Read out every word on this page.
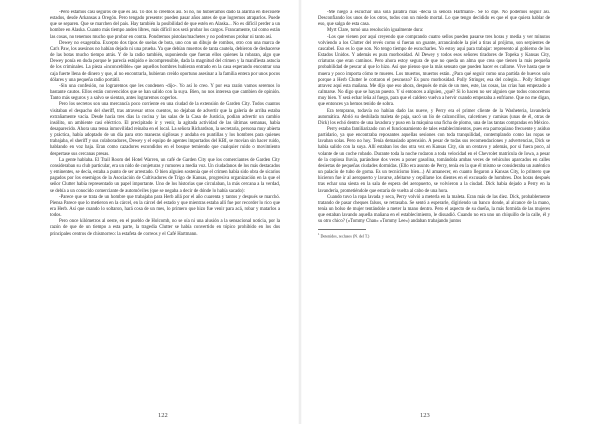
-Pero estamos casi seguros de que es así. To dos lo creemos así. Si no, no hubiéramos dado la alarma en diecisiete estados, desde Arkansas a Oregón. Pero tengado presente: pueden pasar años antes de que logremos atraparlos. Puede que se separen. Que se marchen del país. Hay también la posibilidad de que estén en Alaska... No es difícil perder a un hombre en Alaska. Cuanto más tiempo anden libres, más difícil nos será probar los cargos. Francamente, tal como están las cosas, no tenemos mucho que probar en contra. Pondremos pistolas/machetes y no podremos probar ni tanto así.

Dewey no exageraba. Excepto dos tipos de suelas de bota, uno con un dibujo de rombos, otro con una marca de Cat's Paw, los asesinos no habían dejado ni una prueba. Ya que debían muertos de tanta cautela, debieron de deshacerse de las botas mucho tiempo atrás. Y de la radio también, suponiendo que fueran ellos quienes la robaran, algo que Dewey ponía en duda porque le parecía estúpido e incomprensible, dada la magnitud del crimen y la manifiesta astucia de los criminales. La pieza «inconcebible» que aquellos hombres hubieran entrado en la casa esperando encontrar una caja fuerte llena de dinero y que, al no encontrarla, hubieran creído oportuno asesinar a la familia entera por unos pocos dólares y una pequeña radio portátil.

-Sin una confesión, no lograremos que les condenen -dijo-. Yo así lo creo. Y por esa razón vamos seremos lo bastante cautos. Ellos están convencidos que se han salido con la suya. Bien, no nos interesa que cambien de opinión. Tanto más seguros y a salvo se sientan, antes lograremos cogerlos.

Pero los secretos son una mercancía poco corriente en una ciudad de la extensión de Garden City. Todos cuantos visitaban el despacho del sheriff, tras atravesar otros cuentos, no dejaban de advertir que la galería de arriba estaba extrañamente vacía. Desde hacía tres días la cocina y las salas de la Casa de Justicia, podían advertir un cambio insólito, un ambiente casi eléctrico. El precipitado ir y venir, la agitada actividad de las últimas semanas, había desaparecido. Ahora una tensa inmovilidad reinaba en el local. La señora Richardson, la secretaria, persona muy abierta y práctica, había adoptado de un día para otro maneras sigilosas y andaba en puntillas y los hombres para quienes trabajaba, el sheriff y sus colaboradores, Dewey y el equipo de agentes importados del KBI, se movían sin hacer ruido, hablando en voz baja. Eran como cazadores escondidos en el bosque temiendo que cualquier ruido o movimiento despertase sus cercanas presas.

La gente hablaba. El Trail Room del Hotel Warren, un café de Garden City que los comerciantes de Garden City consideraban su club particular, era un nido de conjeturas y rumores a media voz. Un ciudadanos de los más destacados y eminentes, se decía, estaba a punto de ser arrestado. O bien alguien sostenía que el crimen había sido obra de sicarios pagados por los enemigos de la Asociación de Cultivadores de Trigo de Kansas, progresiva organización en la que el señor Clutter había representado un papel importante. Uno de los historias que circulaban, la más cercana a la verdad, se debía a un conocido comerciante de automóviles (que se negaba a decir de dónde lo había sacado):

-Parece que se trata de un hombre que trabajaba para Herb allá por el año cuarenta y tantos y después se marchó. Piensa Parece que lo metieron en la cárcel, en la cárcel del estado y que mientras estaba allí fue por recorder lo rico que era Herb. Así que cuando lo soltaron, hará cosa de un mes, lo primero que hizo fue venir para acá, robar y matarlos a todos.

Pero once kilómetros al oeste, en el pueblo de Holcomb, no se oía ni una alusión a la sensacional noticia, por la razón de que de un tiempo a esta parte, la tragedia Clutter se había convertido en tópico prohibido en los dos principales centros de chismorreo: la estafeta de correos y el Café Hartmann.

122

-Me niego a escuchar una sola palabra más -decía la señora Hartmann-. Se lo dije. No podemos seguir así. Desconfiando los unos de los otros, todos con un miedo mortal. Lo que tengo decidido es que el que quiera hablar de eso, que salga de esta casa.

Myrt Clare, tomó una resolución igualmente dura:

-Los que vienen por aquí creyendo que comprando cuatro sellos pueden pasarse tres horas y media y ver minutos volviendo a los Clutter del revés como si fueran un guante, arrancándole la piel a tiras al prójimo, son serpientes de cascabel. Eso es lo que son. No tengo tiempo de escucharles. Yo estoy aquí para trabajar: represento al gobierno de los Estados Unidos. Y además es pura morbosidad. Al Dewey y todos esos señores tiradores de Topeka y Kansas City, criaturas que eran caminos. Pero ahora estoy segura de que no queda un alma que crea que tienen la más pequeña probabilidad de pescar al que lo hizo. Así que pienso que la más sensato que pueden hacer es callarse. Vive hasta que te muera y poco importa cómo te mueres. Los muertos, muertos están. ¿Para qué seguir como una partida de huevos solo porque a Herb Clutter le cortaron el pescuezo? Es puro morbosidad. Polly Stringer, esa del colegio... Polly Stringer atravez aquí esta mañana. Me dijo que eso ahora, después de más de un mes, este, las cosas, las crías han empezado a calmarse. No digo que se hayan puesto. Y si entonces a alguien, ¿qué? Si lo hacen no ser alguien que todos conocemos muy bien. Y será echar leña al fuego, para que el caldero vuelva a hervir cuando empezaba a enfriarse. Que no me digan, que entonces ya hemos tenido de sobra.

Era temprano, todavía no habían dado las nueve, y Perry era el primer cliente de la Washeteria, lavandería automática. Abrió su deshilada maleta de paja, sacó un lío de calzoncillos, calcetines y camisas (unas de él, otras de Dick) los echó dentro de una lavadora y puso en la máquina una ficha de plomo, una de las tantas compradas en México.

Perry estaba familiarizado con el funcionamiento de tales establecimientos, pues era parroquiano frecuente y asiduo partidario, ya que encontraba reposantes aquellas sesiones con toda tranquilidad, contemplando como las ropas se lavaban solas. Pero no hoy. Tenía demasiado aprensión. A pesar de todas sus recomendaciones y advertencias, Dick se había salido con la suya. Allí estaban los dos otra vez en Kansas City, sin un centavo y además, por si fuera poco, al volante de un coche robado. Durante toda la noche rodaron a toda velocidad en el Chevrolet matrícula de Iowa, a pesar de la copiosa lluvia, parándose dos veces a poner gasolina, tomándola ambas veces de vehículos aparcados en calles desiertas de pequeñas ciudades dormidas. (Ello era asunto de Perry, tenía en la que él mismo se consideraba un auténtico un palacio de tubo de goma. Es un tecnicismo bien...) Al amanecer, en cuanto llegaron a Kansas City, lo primero que hicieron fue ir al aeropuerto y lavarse, afeitarse y cepillarse los dientes en el excusado de hombres. Dos horas después tras echar una siesta en la sala de espera del aeropuerto, se volvieron a la ciudad. Dick había dejado a Perry en la lavandería, prometiéndole que estaría de vuelta al cabo de una hora.

Cuando tuvo la ropa lavada y seca, Perry volvió a meterla en la maleta. Eran más de las diez. Dick, probablemente tratando de pasar cheques falsos, se retrasaba. Se sentó a esperarle, digiriendo un banco donde, al alcance de la mano, tenía un bolso de mujer tentándole a meter la mano dentro. Pero el aspecto de su dueña, la más formida de las mujeres que estaban lavando aquella mañana en el establecimiento, le disuadió. Cuando no era uno un chiquillo de la calle, él y su otro chico? («Tommy Chan» «Tommy Lee») andaban trabajando juntos

$^1$ Detenidos, reclusos (N. del T.)

123
